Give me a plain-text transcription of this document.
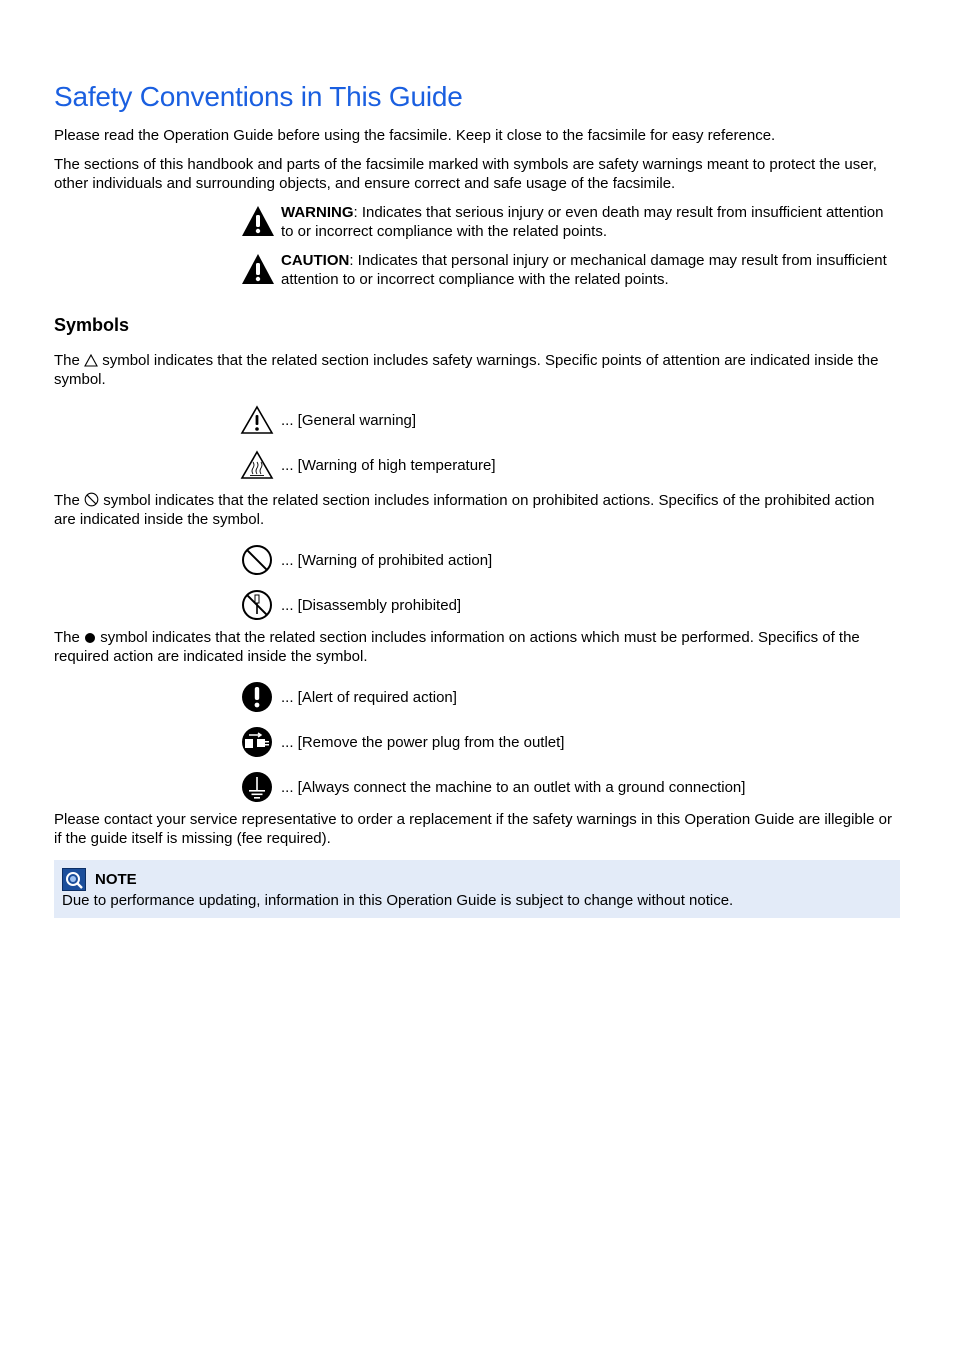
Safety Conventions in This Guide

Please read the Operation Guide before using the facsimile. Keep it close to the facsimile for easy reference.

The sections of this handbook and parts of the facsimile marked with symbols are safety warnings meant to protect the user, other individuals and surrounding objects, and ensure correct and safe usage of the facsimile.

WARNING: Indicates that serious injury or even death may result from insufficient attention to or incorrect compliance with the related points.
CAUTION: Indicates that personal injury or mechanical damage may result from insufficient attention to or incorrect compliance with the related points.
Symbols

The symbol indicates that the related section includes safety warnings. Specific points of attention are indicated inside the symbol.

... [General warning]
... [Warning of high temperature]

The symbol indicates that the related section includes information on prohibited actions. Specifics of the prohibited action are indicated inside the symbol.

... [Warning of prohibited action]
... [Disassembly prohibited]

The symbol indicates that the related section includes information on actions which must be performed. Specifics of the required action are indicated inside the symbol.

... [Alert of required action]
... [Remove the power plug from the outlet]
... [Always connect the machine to an outlet with a ground connection]

Please contact your service representative to order a replacement if the safety warnings in this Operation Guide are illegible or if the guide itself is missing (fee required).

NOTE
Due to performance updating, information in this Operation Guide is subject to change without notice.
